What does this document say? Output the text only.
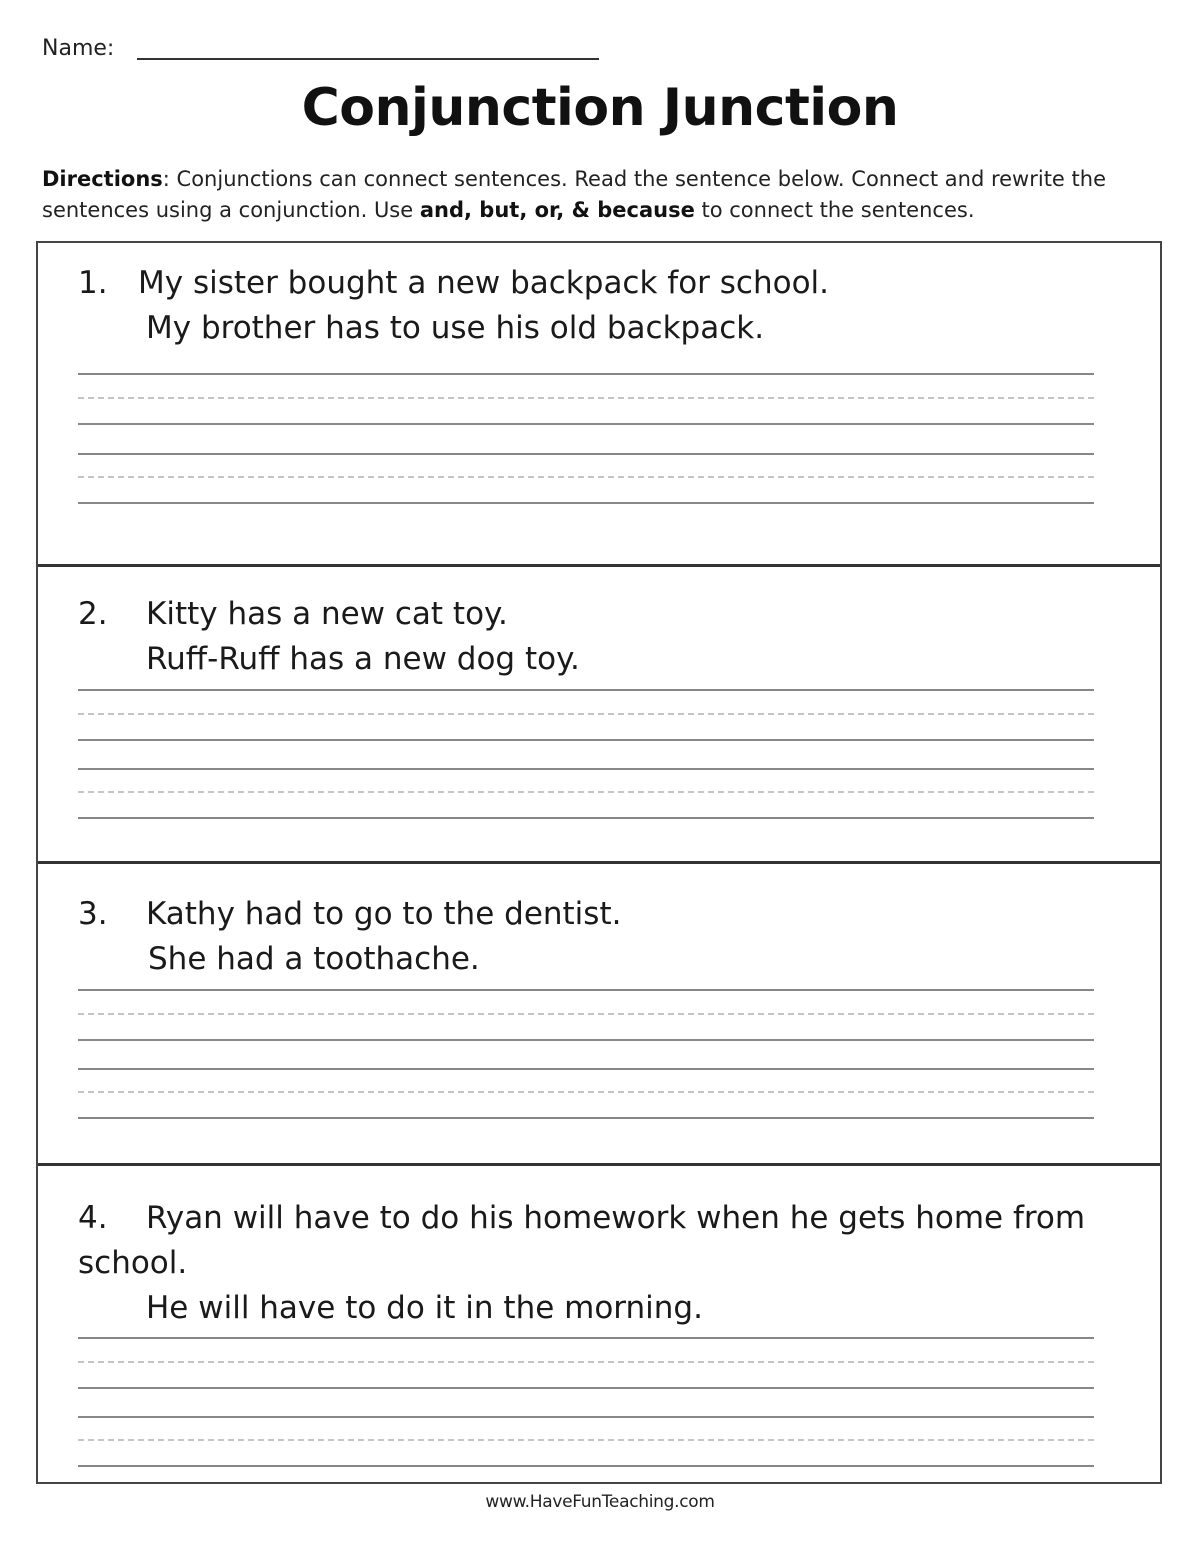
Name:
Conjunction Junction
Directions: Conjunctions can connect sentences. Read the sentence below. Connect and rewrite the sentences using a conjunction. Use and, but, or, & because to connect the sentences.
1. My sister bought a new backpack for school.
My brother has to use his old backpack.
2. Kitty has a new cat toy.
Ruff-Ruff has a new dog toy.
3. Kathy had to go to the dentist.
She had a toothache.
4. Ryan will have to do his homework when he gets home from
school.
He will have to do it in the morning.
www.HaveFunTeaching.com
